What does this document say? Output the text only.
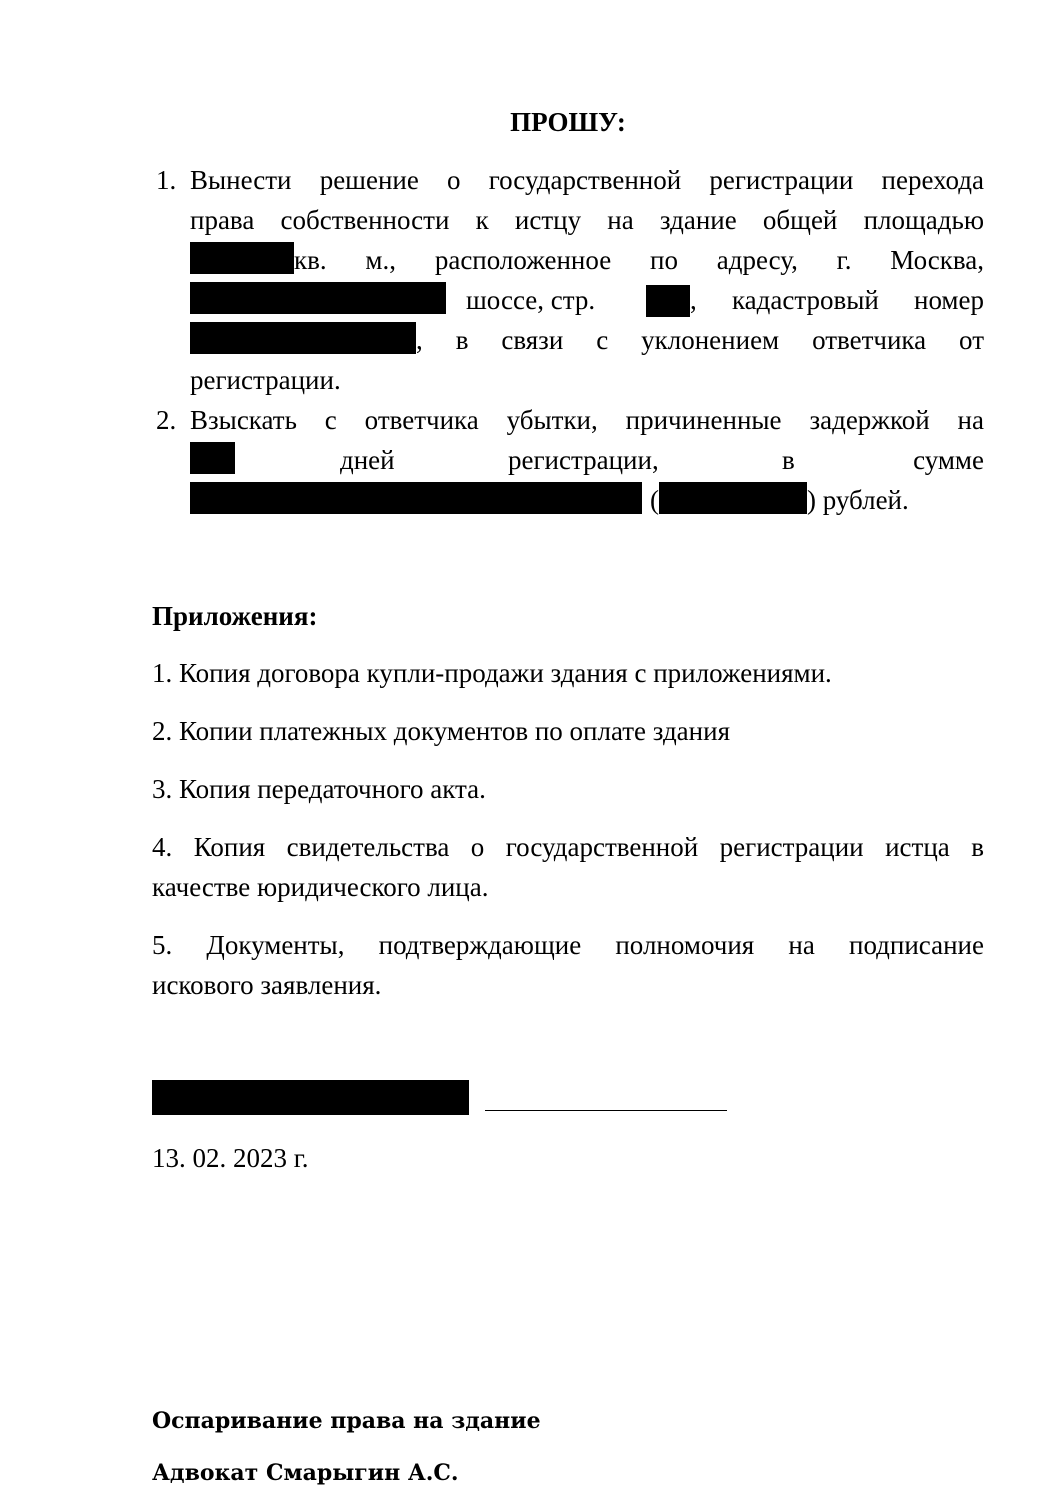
ПРОШУ:
1. Вынести решение о государственной регистрации перехода
права собственности к истцу на здание общей площадью
кв. м., расположенное по адресу, г. Москва,
шоссе, стр.	, кадастровый номер
, в связи с уклонением ответчика от
регистрации.
2. Взыскать с ответчика убытки, причиненные задержкой на
дней	регистрации,	в	сумме
(	) рублей.
Приложения:
1. Копия договора купли-продажи здания с приложениями.
2. Копии платежных документов по оплате здания
3. Копия передаточного акта.
4. Копия свидетельства о государственной регистрации истца в
качестве юридического лица.
5. Документы, подтверждающие полномочия на подписание
искового заявления.
13. 02. 2023 г.
Оспаривание права на здание
Адвокат Смарыгин А.С.
